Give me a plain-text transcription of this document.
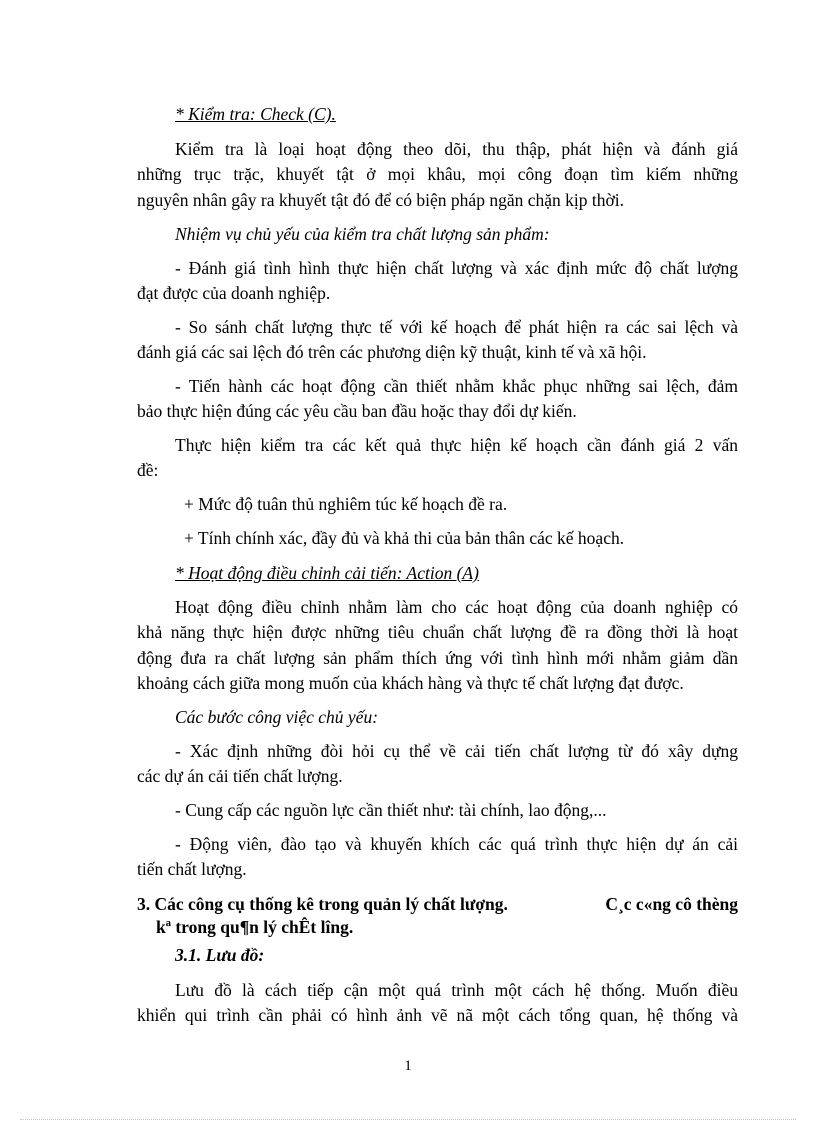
* Kiểm tra: Check (C).
Kiểm tra là loại hoạt động theo dõi, thu thập, phát hiện và đánh giá
những trục trặc, khuyết tật ở mọi khâu, mọi công đoạn tìm kiếm những
nguyên nhân gây ra khuyết tật đó để có biện pháp ngăn chặn kịp thời.
Nhiệm vụ chủ yếu của kiểm tra chất lượng sản phẩm:
- Đánh giá tình hình thực hiện chất lượng và xác định mức độ chất lượng
đạt được của doanh nghiệp.
- So sánh chất lượng thực tế với kế hoạch để phát hiện ra các sai lệch và
đánh giá các sai lệch đó trên các phương diện kỹ thuật, kinh tế và xã hội.
- Tiến hành các hoạt động cần thiết nhằm khắc phục những sai lệch, đảm
bảo thực hiện đúng các yêu cầu ban đầu hoặc thay đổi dự kiến.
Thực hiện kiểm tra các kết quả thực hiện kế hoạch cần đánh giá 2 vấn
đề:
+ Mức độ tuân thủ nghiêm túc kế hoạch đề ra.
+ Tính chính xác, đầy đủ và khả thi của bản thân các kế hoạch.
* Hoạt động điều chỉnh cải tiến: Action (A)
Hoạt động điều chỉnh nhằm làm cho các hoạt động của doanh nghiệp có
khả năng thực hiện được những tiêu chuẩn chất lượng đề ra đồng thời là hoạt
động đưa ra chất lượng sản phẩm thích ứng với tình hình mới nhằm giảm dần
khoảng cách giữa mong muốn của khách hàng và thực tế chất lượng đạt được.
Các bước công việc chủ yếu:
- Xác định những đòi hỏi cụ thể về cải tiến chất lượng từ đó xây dựng
các dự án cải tiến chất lượng.
- Cung cấp các nguồn lực cần thiết như: tài chính, lao động,...
- Động viên, đào tạo và khuyến khích các quá trình thực hiện dự án cải
tiến chất lượng.
3. Các công cụ thống kê trong quản lý chất lượng.	C¸c c«ng cô thèng
kª trong qu¶n lý chÊt lîng.
3.1. Lưu đồ:
Lưu đồ là cách tiếp cận một quá trình một cách hệ thống. Muốn điều
khiển qui trình cần phải có hình ảnh vẽ nã một cách tổng quan, hệ thống và
1
